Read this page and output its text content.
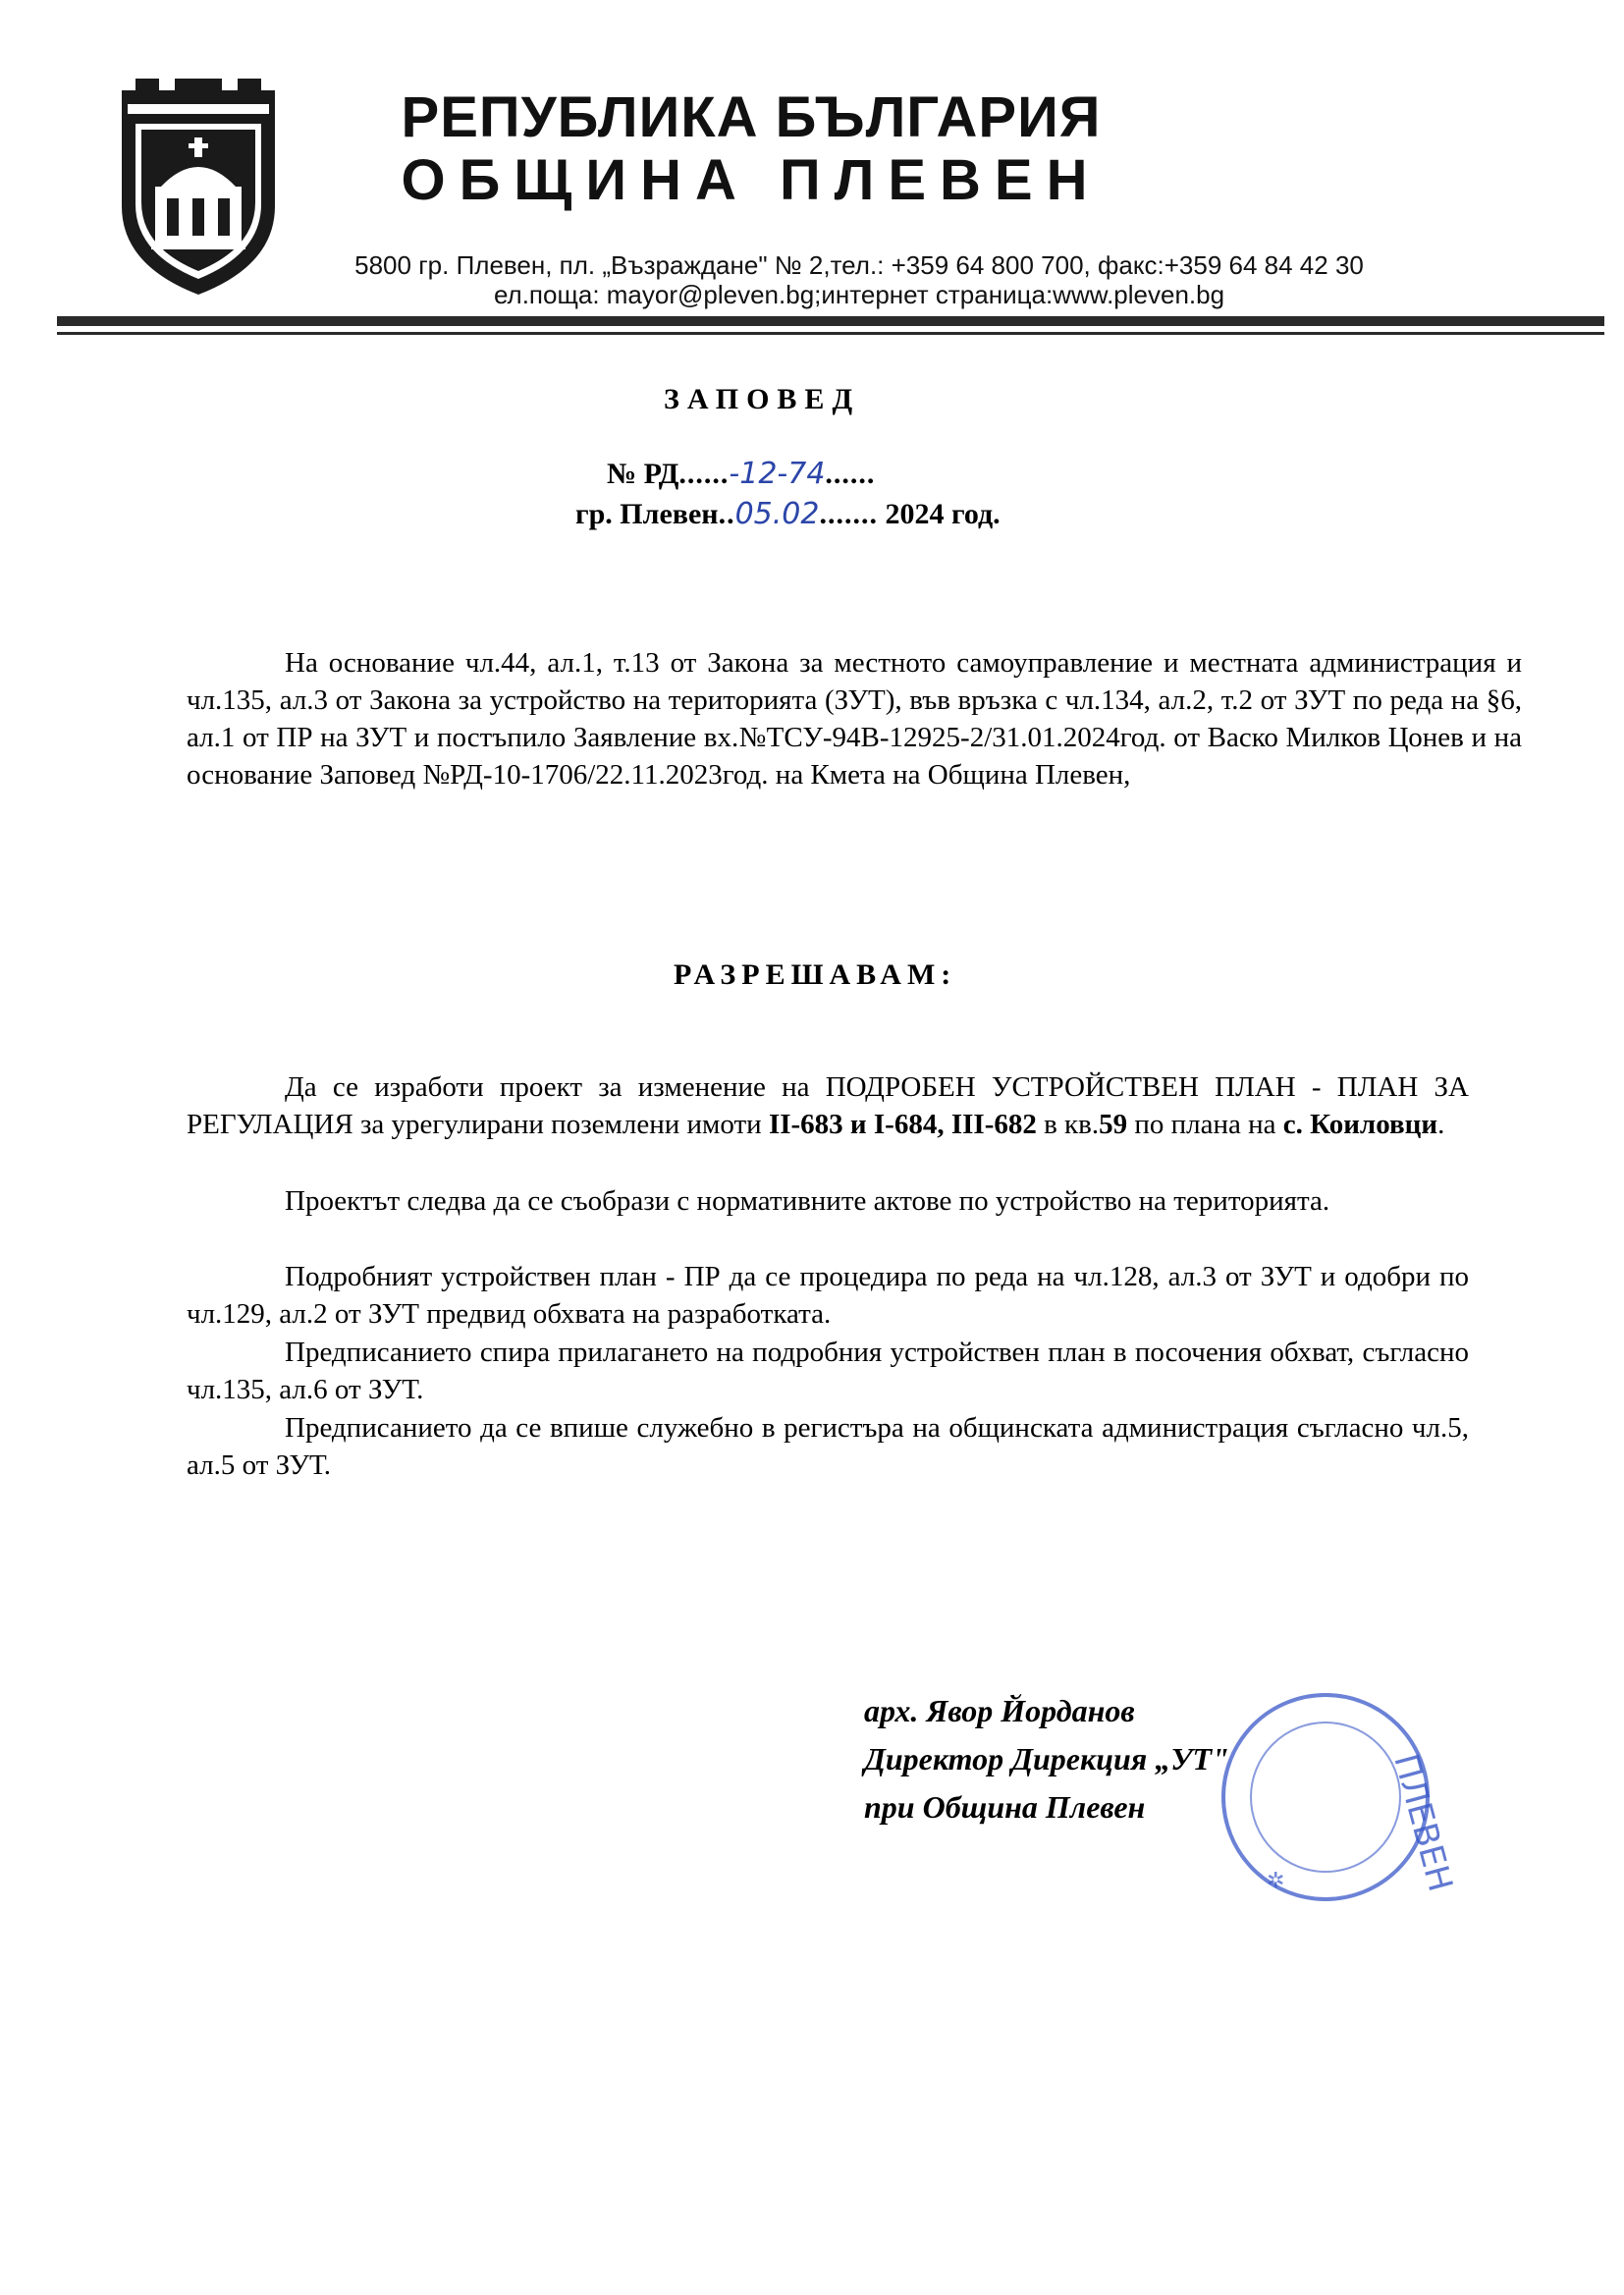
РЕПУБЛИКА БЪЛГАРИЯ
ОБЩИНА ПЛЕВЕН
5800 гр. Плевен, пл. „Възраждане" № 2,тел.: +359 64 800 700, факс:+359 64 84 42 30
ел.поща: mayor@pleven.bg;интернет страница:www.pleven.bg
ЗАПОВЕД
№ РД......-12-74......
гр. Плевен..05.02....... 2024 год.
На основание чл.44, ал.1, т.13 от Закона за местното самоуправление и местната администрация и чл.135, ал.3 от Закона за устройство на територията (ЗУТ), във връзка с чл.134, ал.2, т.2 от ЗУТ по реда на §6, ал.1 от ПР на ЗУТ и постъпило Заявление вх.№ТСУ-94В-12925-2/31.01.2024год. от Васко Милков Цонев и на основание Заповед №РД-10-1706/22.11.2023год. на Кмета на Община Плевен,
РАЗРЕШАВАМ:
Да се изработи проект за изменение на ПОДРОБЕН УСТРОЙСТВЕН ПЛАН - ПЛАН ЗА РЕГУЛАЦИЯ за урегулирани поземлени имоти II-683 и I-684, III-682 в кв.59 по плана на с. Коиловци.
Проектът следва да се съобрази с нормативните актове по устройство на територията.
Подробният устройствен план - ПР да се процедира по реда на чл.128, ал.3 от ЗУТ и одобри по чл.129, ал.2 от ЗУТ предвид обхвата на разработката.
Предписанието спира прилагането на подробния устройствен план в посочения обхват, съгласно чл.135, ал.6 от ЗУТ.
Предписанието да се впише служебно в регистъра на общинската администрация съгласно чл.5, ал.5 от ЗУТ.
ПЛЕВЕН
✲
арх. Явор Йорданов
Директор Дирекция „УТ"
при Община Плевен
